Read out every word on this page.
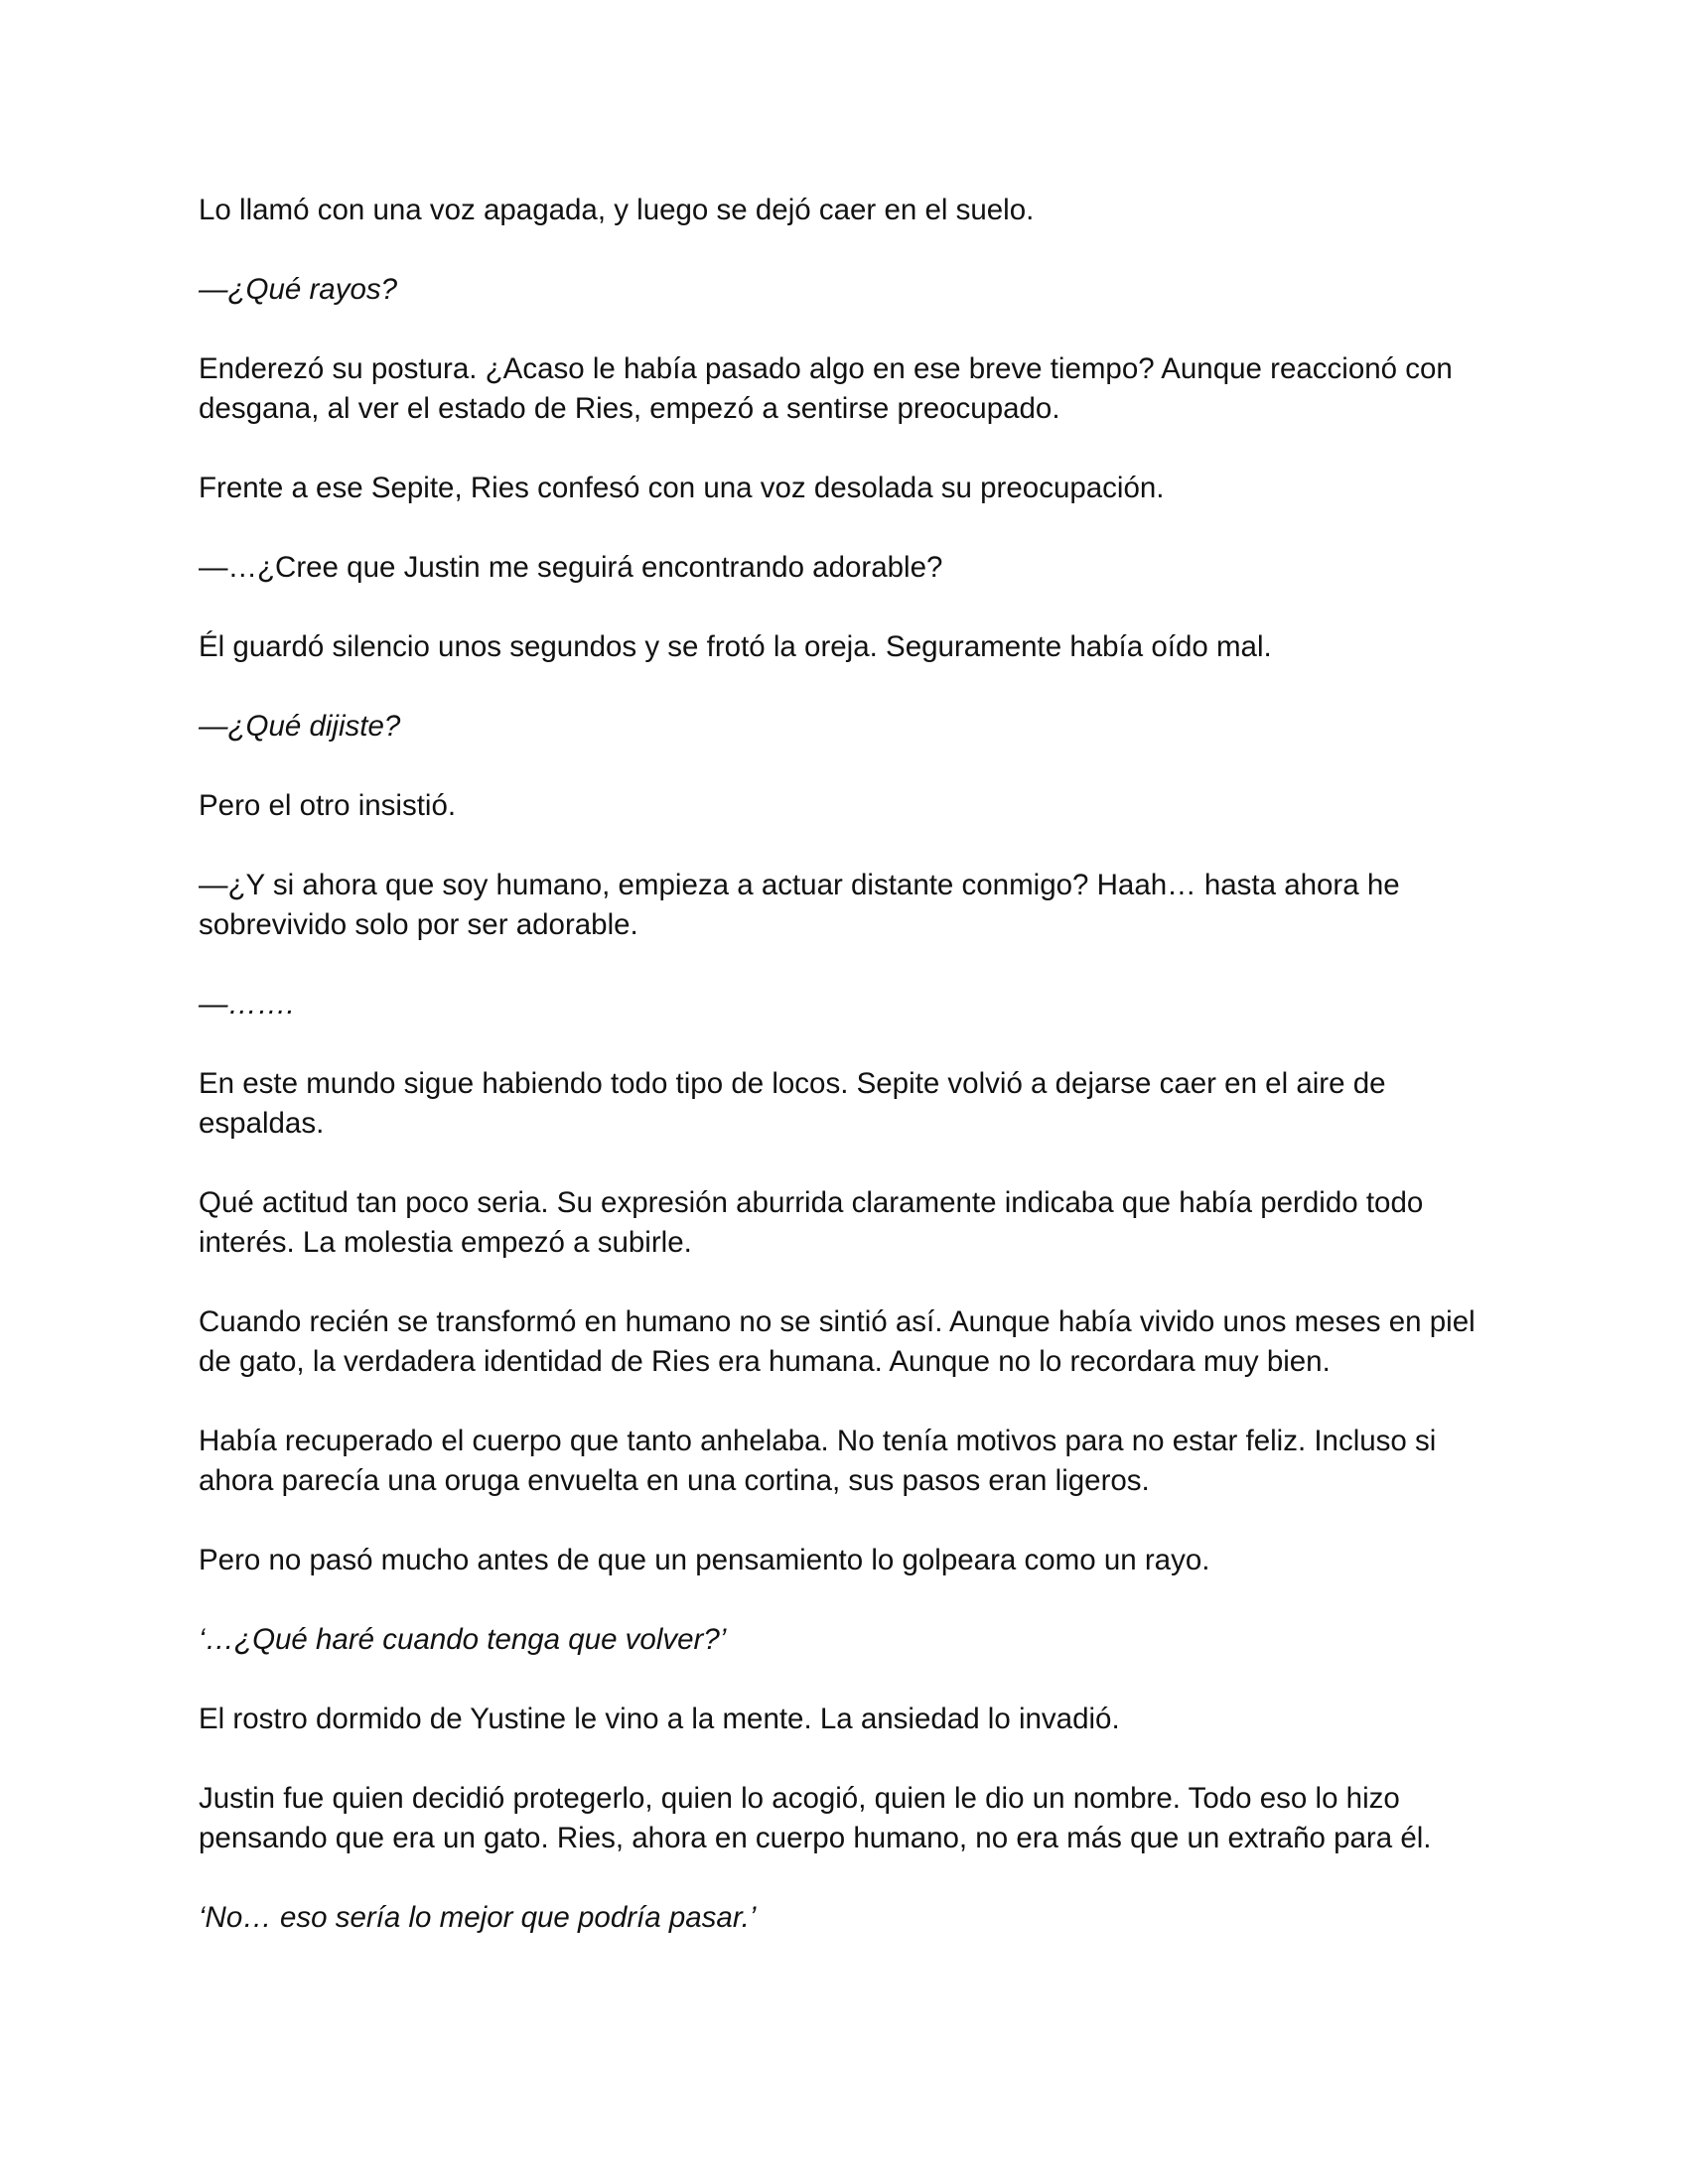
Lo llamó con una voz apagada, y luego se dejó caer en el suelo.

—¿Qué rayos?

Enderezó su postura. ¿Acaso le había pasado algo en ese breve tiempo? Aunque reaccionó con desgana, al ver el estado de Ries, empezó a sentirse preocupado.

Frente a ese Sepite, Ries confesó con una voz desolada su preocupación.

—…¿Cree que Justin me seguirá encontrando adorable?

Él guardó silencio unos segundos y se frotó la oreja. Seguramente había oído mal.

—¿Qué dijiste?

Pero el otro insistió.

—¿Y si ahora que soy humano, empieza a actuar distante conmigo? Haah… hasta ahora he sobrevivido solo por ser adorable.

—…….

En este mundo sigue habiendo todo tipo de locos. Sepite volvió a dejarse caer en el aire de espaldas.

Qué actitud tan poco seria. Su expresión aburrida claramente indicaba que había perdido todo interés. La molestia empezó a subirle.

Cuando recién se transformó en humano no se sintió así. Aunque había vivido unos meses en piel de gato, la verdadera identidad de Ries era humana. Aunque no lo recordara muy bien.

Había recuperado el cuerpo que tanto anhelaba. No tenía motivos para no estar feliz. Incluso si ahora parecía una oruga envuelta en una cortina, sus pasos eran ligeros.

Pero no pasó mucho antes de que un pensamiento lo golpeara como un rayo.

‘…¿Qué haré cuando tenga que volver?’

El rostro dormido de Yustine le vino a la mente. La ansiedad lo invadió.

Justin fue quien decidió protegerlo, quien lo acogió, quien le dio un nombre. Todo eso lo hizo pensando que era un gato. Ries, ahora en cuerpo humano, no era más que un extraño para él.

‘No… eso sería lo mejor que podría pasar.’
